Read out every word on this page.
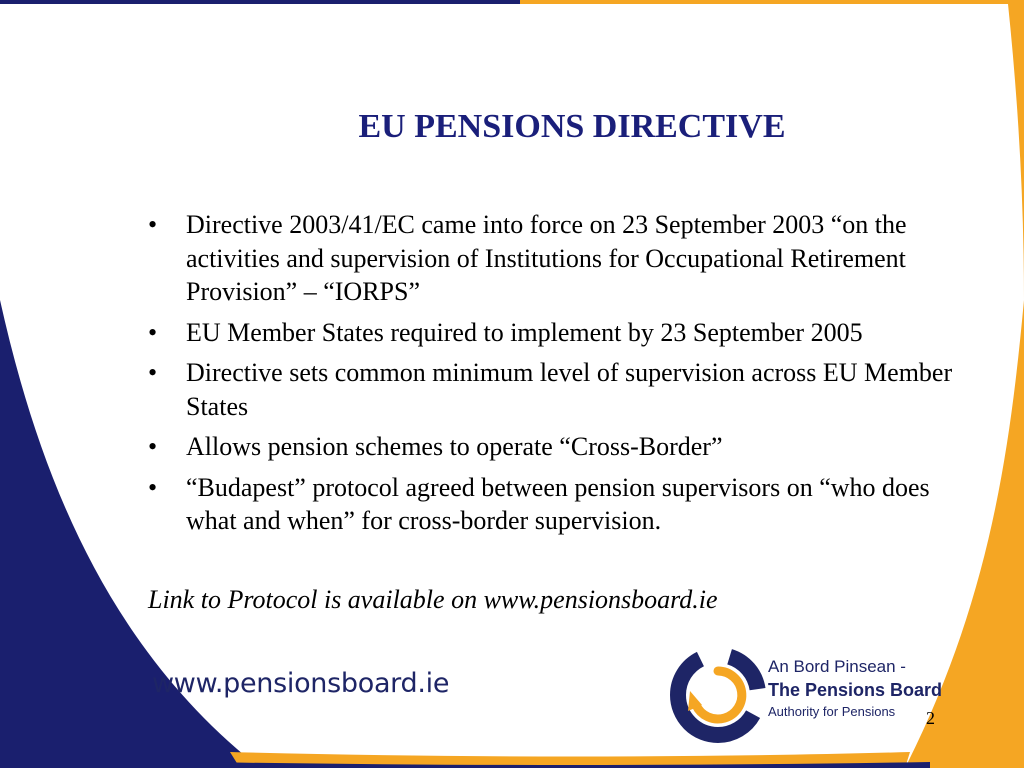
EU PENSIONS DIRECTIVE
• Directive 2003/41/EC came into force on 23 September 2003 “on the activities and supervision of Institutions for Occupational Retirement Provision” – “IORPS”
• EU Member States required to implement by 23 September 2005
• Directive sets common minimum level of supervision across EU Member States
• Allows pension schemes to operate “Cross-Border”
• “Budapest” protocol agreed between pension supervisors on “who does what and when” for cross-border supervision.
Link to Protocol is available on www.pensionsboard.ie
www.pensionsboard.ie
An Bord Pinsean -
The Pensions Board
Authority for Pensions	2
